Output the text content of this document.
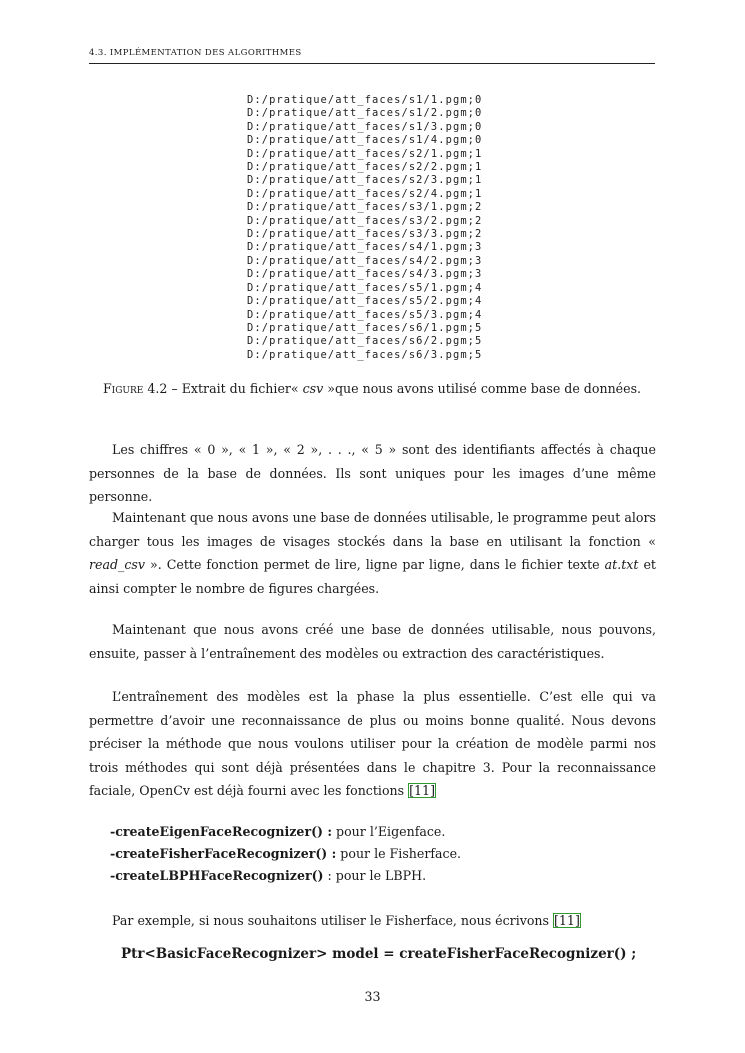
4.3. IMPLÉMENTATION DES ALGORITHMES
D:/pratique/att_faces/s1/1.pgm;0
D:/pratique/att_faces/s1/2.pgm;0
D:/pratique/att_faces/s1/3.pgm;0
D:/pratique/att_faces/s1/4.pgm;0
D:/pratique/att_faces/s2/1.pgm;1
D:/pratique/att_faces/s2/2.pgm;1
D:/pratique/att_faces/s2/3.pgm;1
D:/pratique/att_faces/s2/4.pgm;1
D:/pratique/att_faces/s3/1.pgm;2
D:/pratique/att_faces/s3/2.pgm;2
D:/pratique/att_faces/s3/3.pgm;2
D:/pratique/att_faces/s4/1.pgm;3
D:/pratique/att_faces/s4/2.pgm;3
D:/pratique/att_faces/s4/3.pgm;3
D:/pratique/att_faces/s5/1.pgm;4
D:/pratique/att_faces/s5/2.pgm;4
D:/pratique/att_faces/s5/3.pgm;4
D:/pratique/att_faces/s6/1.pgm;5
D:/pratique/att_faces/s6/2.pgm;5
D:/pratique/att_faces/s6/3.pgm;5
Figure 4.2 – Extrait du fichier« csv »que nous avons utilisé comme base de données.
Les chiffres « 0 », « 1 », « 2 », . . ., « 5 » sont des identifiants affectés à chaque personnes de la base de données. Ils sont uniques pour les images d’une même personne.
Maintenant que nous avons une base de données utilisable, le programme peut alors charger tous les images de visages stockés dans la base en utilisant la fonction « read_csv ». Cette fonction permet de lire, ligne par ligne, dans le fichier texte at.txt et ainsi compter le nombre de figures chargées.
Maintenant que nous avons créé une base de données utilisable, nous pouvons, ensuite, passer à l’entraînement des modèles ou extraction des caractéristiques.
L’entraînement des modèles est la phase la plus essentielle. C’est elle qui va permettre d’avoir une reconnaissance de plus ou moins bonne qualité. Nous devons préciser la méthode que nous voulons utiliser pour la création de modèle parmi nos trois méthodes qui sont déjà présentées dans le chapitre 3. Pour la reconnaissance faciale, OpenCv est déjà fourni avec les fonctions [11]
-createEigenFaceRecognizer() : pour l’Eigenface.
-createFisherFaceRecognizer() : pour le Fisherface.
-createLBPHFaceRecognizer() : pour le LBPH.
Par exemple, si nous souhaitons utiliser le Fisherface, nous écrivons [11]
Ptr<BasicFaceRecognizer> model = createFisherFaceRecognizer() ;
33
